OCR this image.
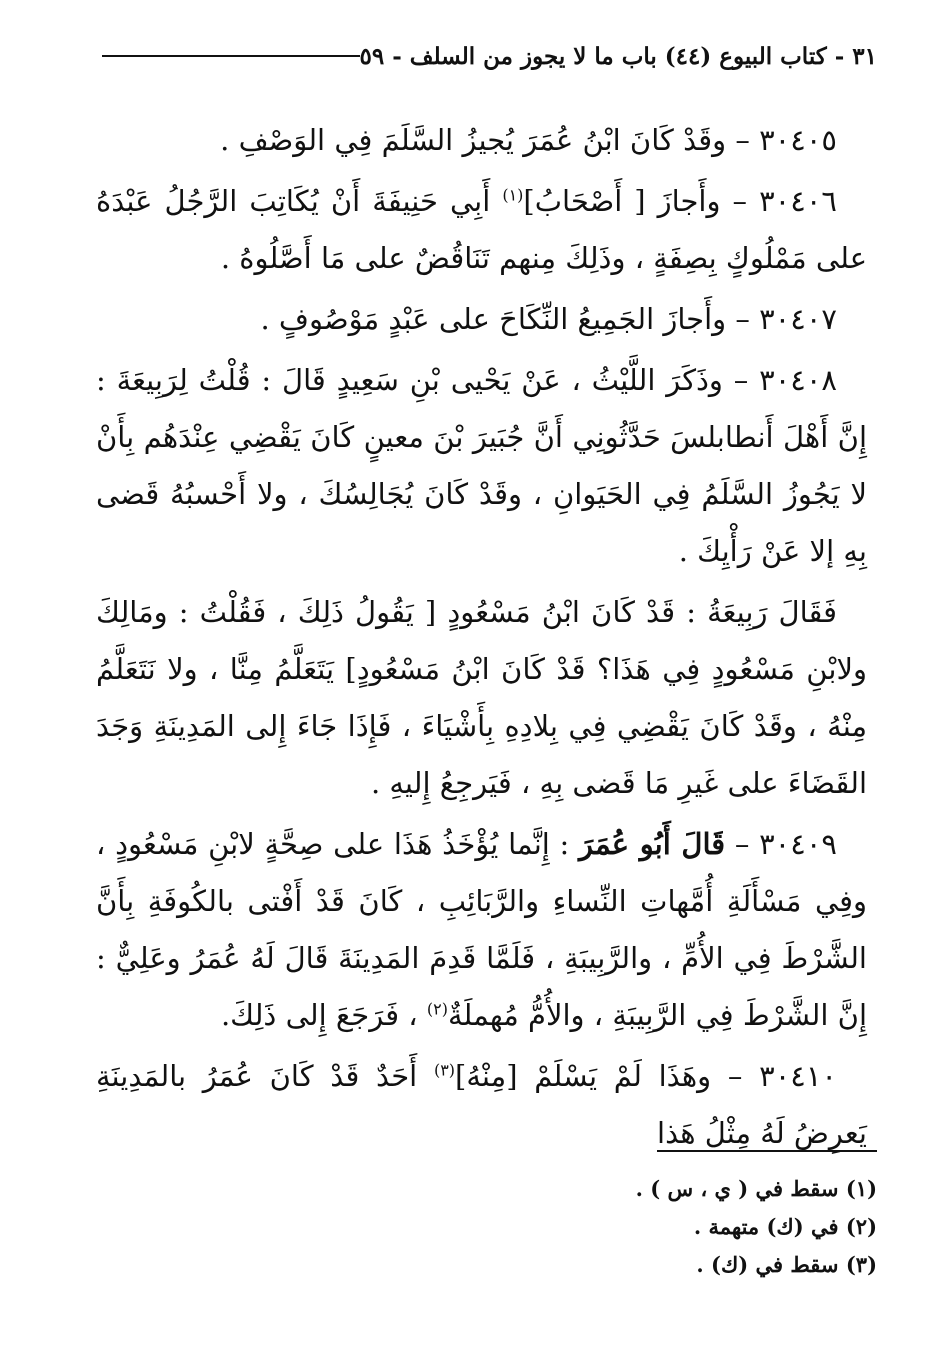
٣١ - كتاب البيوع (٤٤) باب ما لا يجوز من السلف - ٥٩

٣٠٤٠٥ – وقَدْ كَانَ ابْنُ عُمَرَ يُجيزُ السَّلَمَ فِي الوَصْفِ .

٣٠٤٠٦ – وأَجازَ [ أَصْحَابُ]$^{(١)}$ أَبِي حَنِيفَةَ أَنْ يُكَاتِبَ الرَّجُلُ عَبْدَهُ على مَمْلُوكٍ بِصِفَةٍ ، وذَلِكَ مِنهم تَنَاقُضٌ على مَا أَصَّلُوهُ .

٣٠٤٠٧ – وأَجازَ الجَمِيعُ النِّكَاحَ على عَبْدٍ مَوْصُوفٍ .

٣٠٤٠٨ – وذَكَرَ اللَّيْثُ ، عَنْ يَحْيى بْنِ سَعِيدٍ قَالَ : قُلْتُ لِرَبِيعَةَ : إِنَّ أَهْلَ أَنطابلسَ حَدَّثُونِي أَنَّ جُبَيرَ بْنَ معينٍ كَانَ يَقْضِي عِنْدَهُم بِأَنْ لا يَجُوزُ السَّلَمُ فِي الحَيَوانِ ، وقَدْ كَانَ يُجَالِسُكَ ، ولا أَحْسبُهُ قَضى بِهِ إلا عَنْ رَأْيِكَ .

فَقَالَ رَبِيعَةُ : قَدْ كَانَ ابْنُ مَسْعُودٍ [ يَقُولُ ذَلِكَ ، فَقُلْتُ : ومَالِكَ ولابْنِ مَسْعُودٍ فِي هَذَا؟ قَدْ كَانَ ابْنُ مَسْعُودٍ] يَتَعَلَّمُ مِنَّا ، ولا نَتَعَلَّمُ مِنْهُ ، وقَدْ كَانَ يَقْضِي فِي بِلادِهِ بِأَشْيَاءَ ، فَإِذَا جَاءَ إِلى المَدِينَةِ وَجَدَ القَضَاءَ على غَيرِ مَا قَضى بِهِ ، فَيَرجِعُ إِليهِ .

٣٠٤٠٩ – قَالَ أَبُو عُمَرَ : إِنَّما يُؤْخَذُ هَذَا على صِحَّةٍ لابْنِ مَسْعُودٍ ، وفِي مَسْأَلَةِ أُمَّهاتِ النِّساءِ والرَّبَائِبِ ، كَانَ قَدْ أَفْتى بالكُوفَةِ بِأَنَّ الشَّرْطَ فِي الأُمِّ ، والرَّبِيبَةِ ، فَلَمَّا قَدِمَ المَدِينَةَ قَالَ لَهُ عُمَرُ وعَلِيٌّ : إِنَّ الشَّرْطَ فِي الرَّبِيبَةِ ، والأُمُّ مُهملَةٌ$^{(٢)}$ ، فَرَجَعَ إِلى ذَلِكَ.

٣٠٤١٠ – وهَذَا لَمْ يَسْلَمْ [مِنْهُ]$^{(٣)}$ أَحَدٌ قَدْ كَانَ عُمَرُ بالمَدِينَةِ يَعرِضُ لَهُ مِثْلُ هَذا

(١) سقط في ( ي ، س ) .

(٢) في (ك) متهمة .

(٣) سقط في (ك) .
